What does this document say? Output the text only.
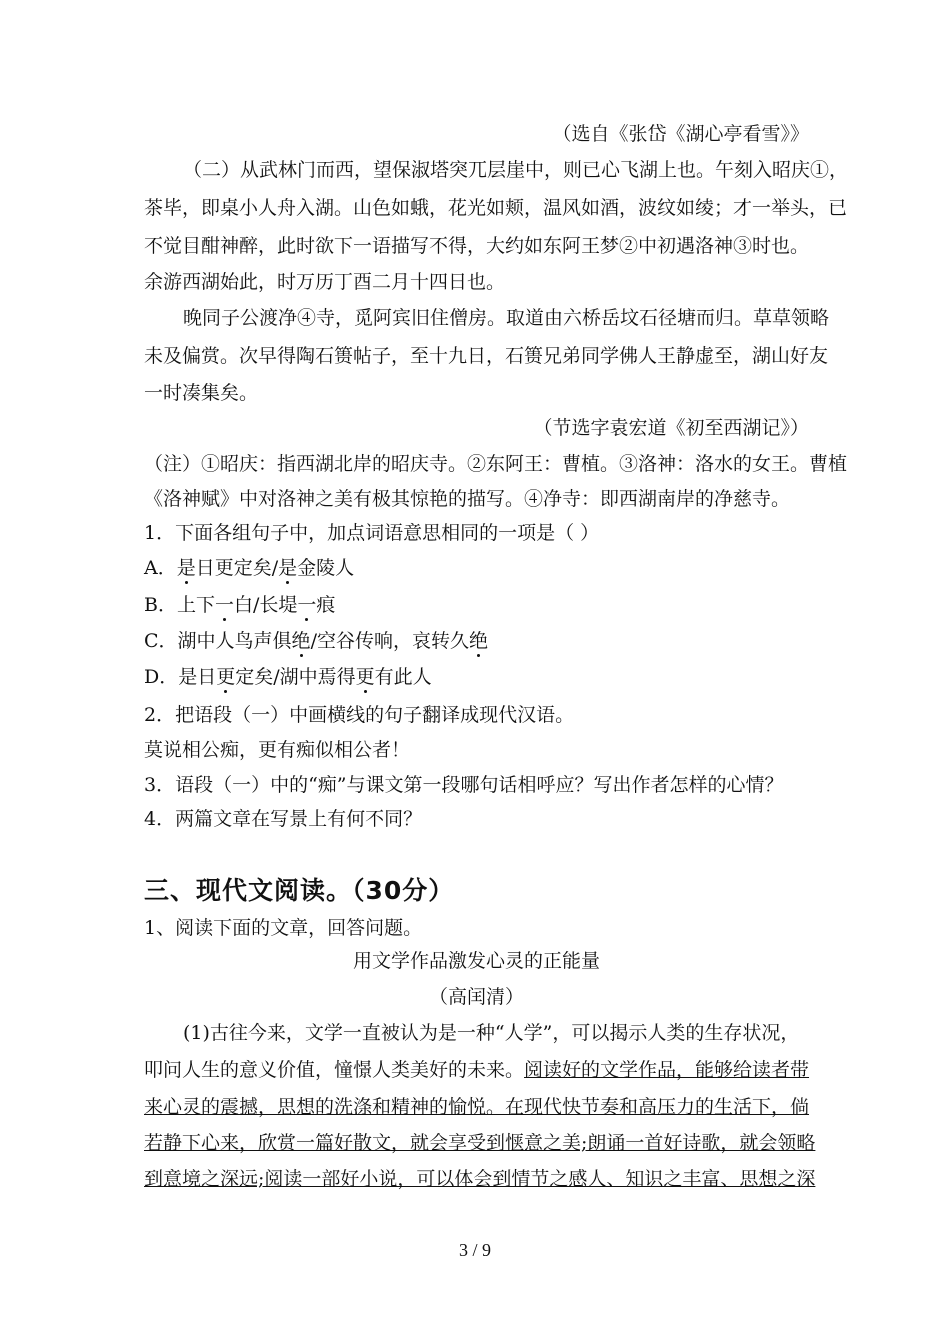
（选自《张岱《湖心亭看雪》》
（二）从武林门而西，望保淑塔突兀层崖中，则已心飞湖上也。午刻入昭庆①，
茶毕，即桌小人舟入湖。山色如蛾，花光如颊，温风如酒，波纹如绫；才一举头，已
不觉目酣神醉，此时欲下一语描写不得，大约如东阿王梦②中初遇洛神③时也。
余游西湖始此，时万历丁酉二月十四日也。
晚同子公渡净④寺，觅阿宾旧住僧房。取道由六桥岳坟石径塘而归。草草领略
未及偏赏。次早得陶石篑帖子，至十九日，石篑兄弟同学佛人王静虚至，湖山好友
一时凑集矣。
（节选字袁宏道《初至西湖记》）
（注）①昭庆：指西湖北岸的昭庆寺。②东阿王：曹植。③洛神：洛水的女王。曹植
《洛神赋》中对洛神之美有极其惊艳的描写。④净寺：即西湖南岸的净慈寺。
1．下面各组句子中，加点词语意思相同的一项是（ ）
A．是日更定矣/是金陵人
B．上下一白/长堤一痕
C．湖中人鸟声俱绝/空谷传响，哀转久绝
D．是日更定矣/湖中焉得更有此人
2．把语段（一）中画横线的句子翻译成现代汉语。
莫说相公痴，更有痴似相公者！
3．语段（一）中的“痴”与课文第一段哪句话相呼应？写出作者怎样的心情？
4．两篇文章在写景上有何不同？
三、现代文阅读。（30分）
1、阅读下面的文章，回答问题。
用文学作品激发心灵的正能量
（高闰清）
(1)古往今来，文学一直被认为是一种“人学”，可以揭示人类的生存状况，
叩问人生的意义价值，憧憬人类美好的未来。阅读好的文学作品，能够给读者带
来心灵的震撼，思想的洗涤和精神的愉悦。在现代快节奏和高压力的生活下，倘
若静下心来，欣赏一篇好散文，就会享受到惬意之美;朗诵一首好诗歌，就会领略
到意境之深远;阅读一部好小说，可以体会到情节之感人、知识之丰富、思想之深
3 / 9
